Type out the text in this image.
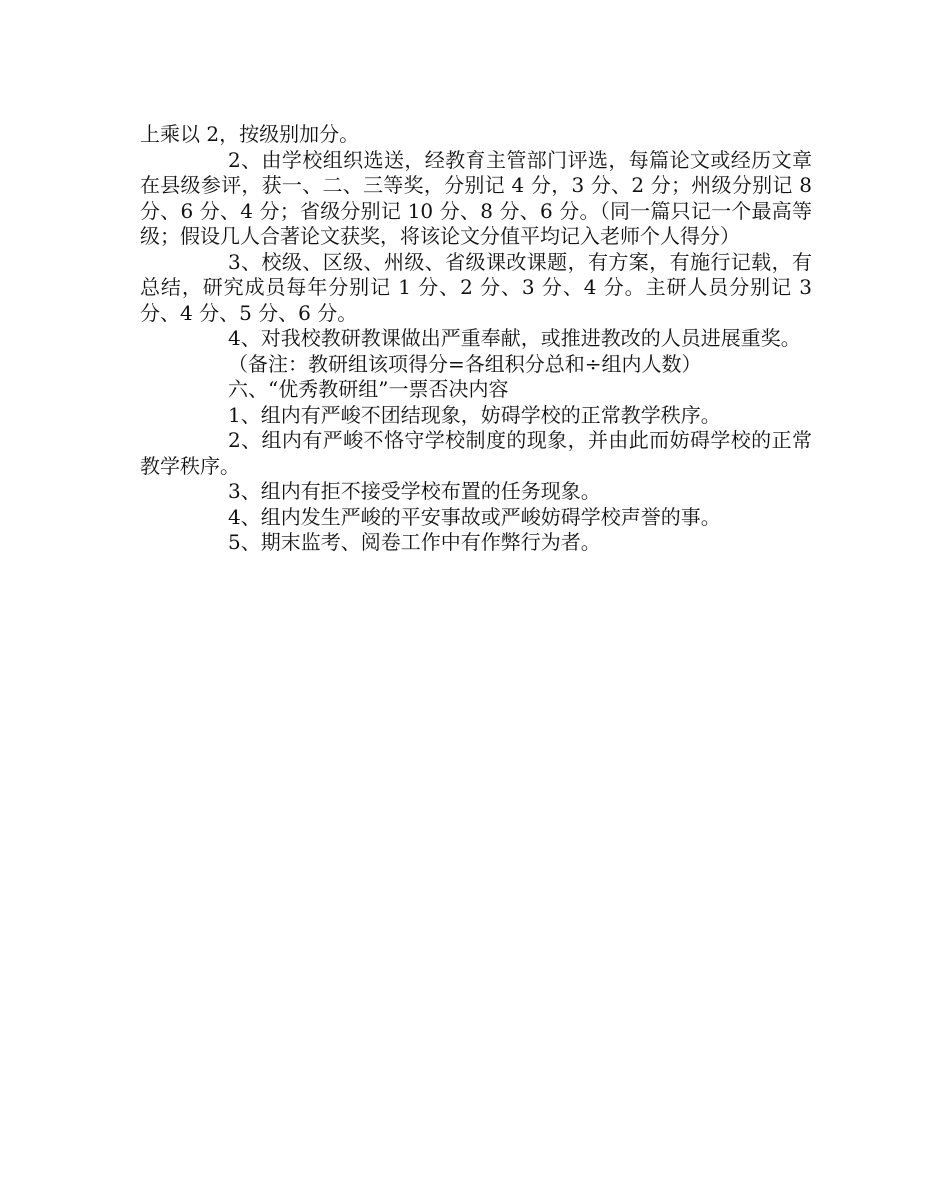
上乘以 2，按级别加分。

2、由学校组织选送，经教育主管部门评选，每篇论文或经历文章在县级参评，获一、二、三等奖，分别记 4 分，3 分、2 分；州级分别记 8 分、6 分、4 分；省级分别记 10 分、8 分、6 分。（同一篇只记一个最高等级；假设几人合著论文获奖，将该论文分值平均记入老师个人得分）

3、校级、区级、州级、省级课改课题，有方案，有施行记载，有总结，研究成员每年分别记 1 分、2 分、3 分、4 分。主研人员分别记 3 分、4 分、5 分、6 分。

4、对我校教研教课做出严重奉献，或推进教改的人员进展重奖。

（备注：教研组该项得分=各组积分总和÷组内人数）

六、“优秀教研组”一票否决内容

1、组内有严峻不团结现象，妨碍学校的正常教学秩序。

2、组内有严峻不恪守学校制度的现象，并由此而妨碍学校的正常教学秩序。

3、组内有拒不接受学校布置的任务现象。

4、组内发生严峻的平安事故或严峻妨碍学校声誉的事。

5、期末监考、阅卷工作中有作弊行为者。
